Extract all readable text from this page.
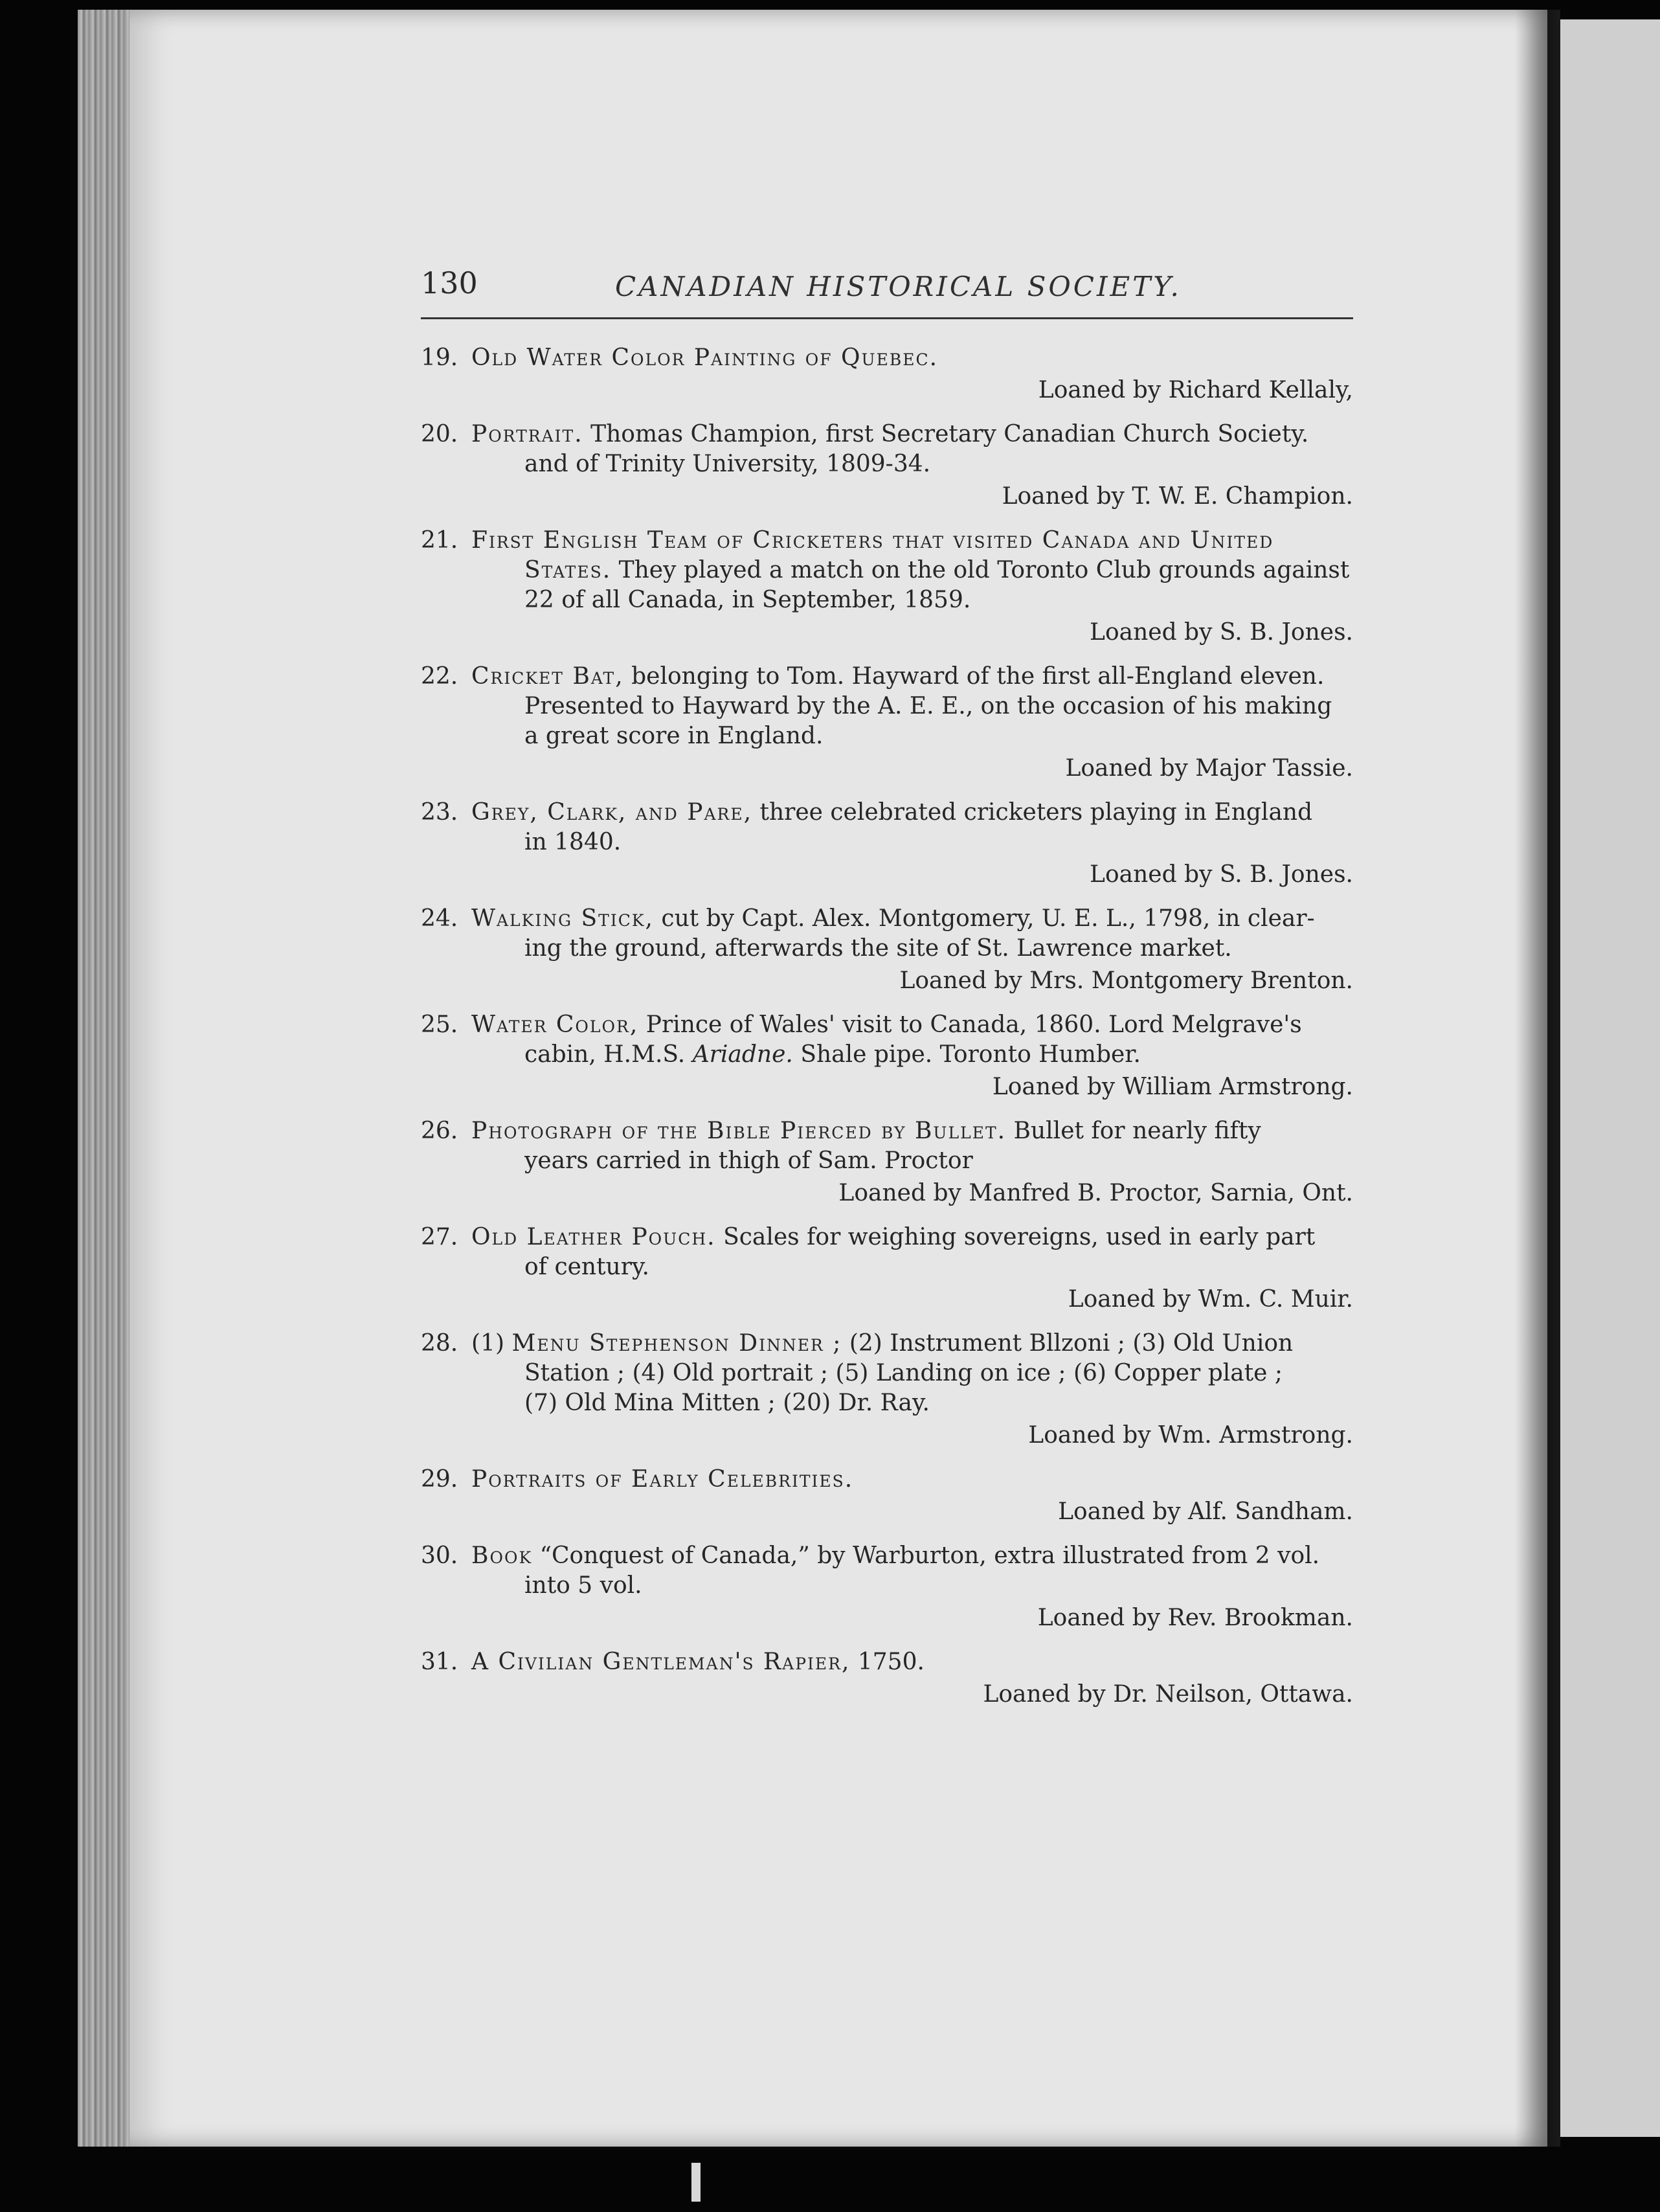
130	CANADIAN HISTORICAL SOCIETY.
19. Old Water Color Painting of Quebec.
Loaned by Richard Kellaly,
20. Portrait. Thomas Champion, first Secretary Canadian Church Society.
and of Trinity University, 1809-34.
Loaned by T. W. E. Champion.
21. First English Team of Cricketers that visited Canada and United
States. They played a match on the old Toronto Club grounds against
22 of all Canada, in September, 1859.
Loaned by S. B. Jones.
22. Cricket Bat, belonging to Tom. Hayward of the first all-England eleven.
Presented to Hayward by the A. E. E., on the occasion of his making
a great score in England.
Loaned by Major Tassie.
23. Grey, Clark, and Pare, three celebrated cricketers playing in England
in 1840.
Loaned by S. B. Jones.
24. Walking Stick, cut by Capt. Alex. Montgomery, U. E. L., 1798, in clear-
ing the ground, afterwards the site of St. Lawrence market.
Loaned by Mrs. Montgomery Brenton.
25. Water Color, Prince of Wales' visit to Canada, 1860. Lord Melgrave's
cabin, H.M.S. Ariadne. Shale pipe. Toronto Humber.
Loaned by William Armstrong.
26. Photograph of the Bible Pierced by Bullet. Bullet for nearly fifty
years carried in thigh of Sam. Proctor
Loaned by Manfred B. Proctor, Sarnia, Ont.
27. Old Leather Pouch. Scales for weighing sovereigns, used in early part
of century.
Loaned by Wm. C. Muir.
28. (1) Menu Stephenson Dinner ; (2) Instrument Bllzoni ; (3) Old Union
Station ; (4) Old portrait ; (5) Landing on ice ; (6) Copper plate ;
(7) Old Mina Mitten ; (20) Dr. Ray.
Loaned by Wm. Armstrong.
29. Portraits of Early Celebrities.
Loaned by Alf. Sandham.
30. Book “Conquest of Canada,” by Warburton, extra illustrated from 2 vol.
into 5 vol.
Loaned by Rev. Brookman.
31. A Civilian Gentleman's Rapier, 1750.
Loaned by Dr. Neilson, Ottawa.
